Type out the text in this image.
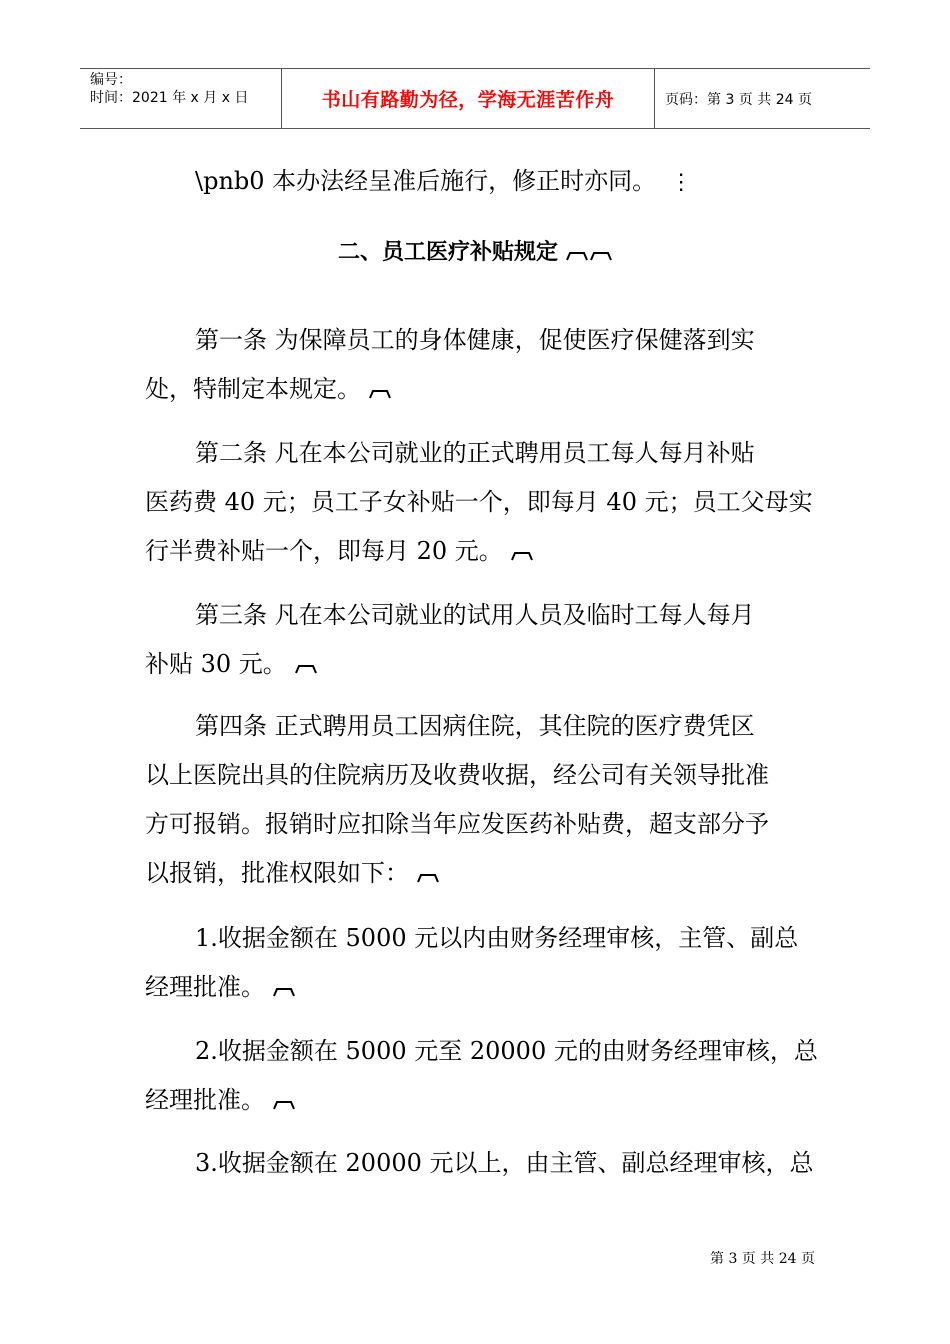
编号：
时间：2021 年 x 月 x 日	书山有路勤为径，学海无涯苦作舟	页码：第 3 页 共 24 页
\pnb0 本办法经呈准后施行，修正时亦同。 ⋮
二、员工医疗补贴规定
第一条 为保障员工的身体健康，促使医疗保健落到实
处，特制定本规定。
第二条 凡在本公司就业的正式聘用员工每人每月补贴
医药费 40 元；员工子女补贴一个，即每月 40 元；员工父母实
行半费补贴一个，即每月 20 元。
第三条 凡在本公司就业的试用人员及临时工每人每月
补贴 30 元。
第四条 正式聘用员工因病住院，其住院的医疗费凭区
以上医院出具的住院病历及收费收据，经公司有关领导批准
方可报销。报销时应扣除当年应发医药补贴费，超支部分予
以报销，批准权限如下：
1.收据金额在 5000 元以内由财务经理审核，主管、副总
经理批准。
2.收据金额在 5000 元至 20000 元的由财务经理审核，总
经理批准。
3.收据金额在 20000 元以上，由主管、副总经理审核，总
第 3 页 共 24 页
